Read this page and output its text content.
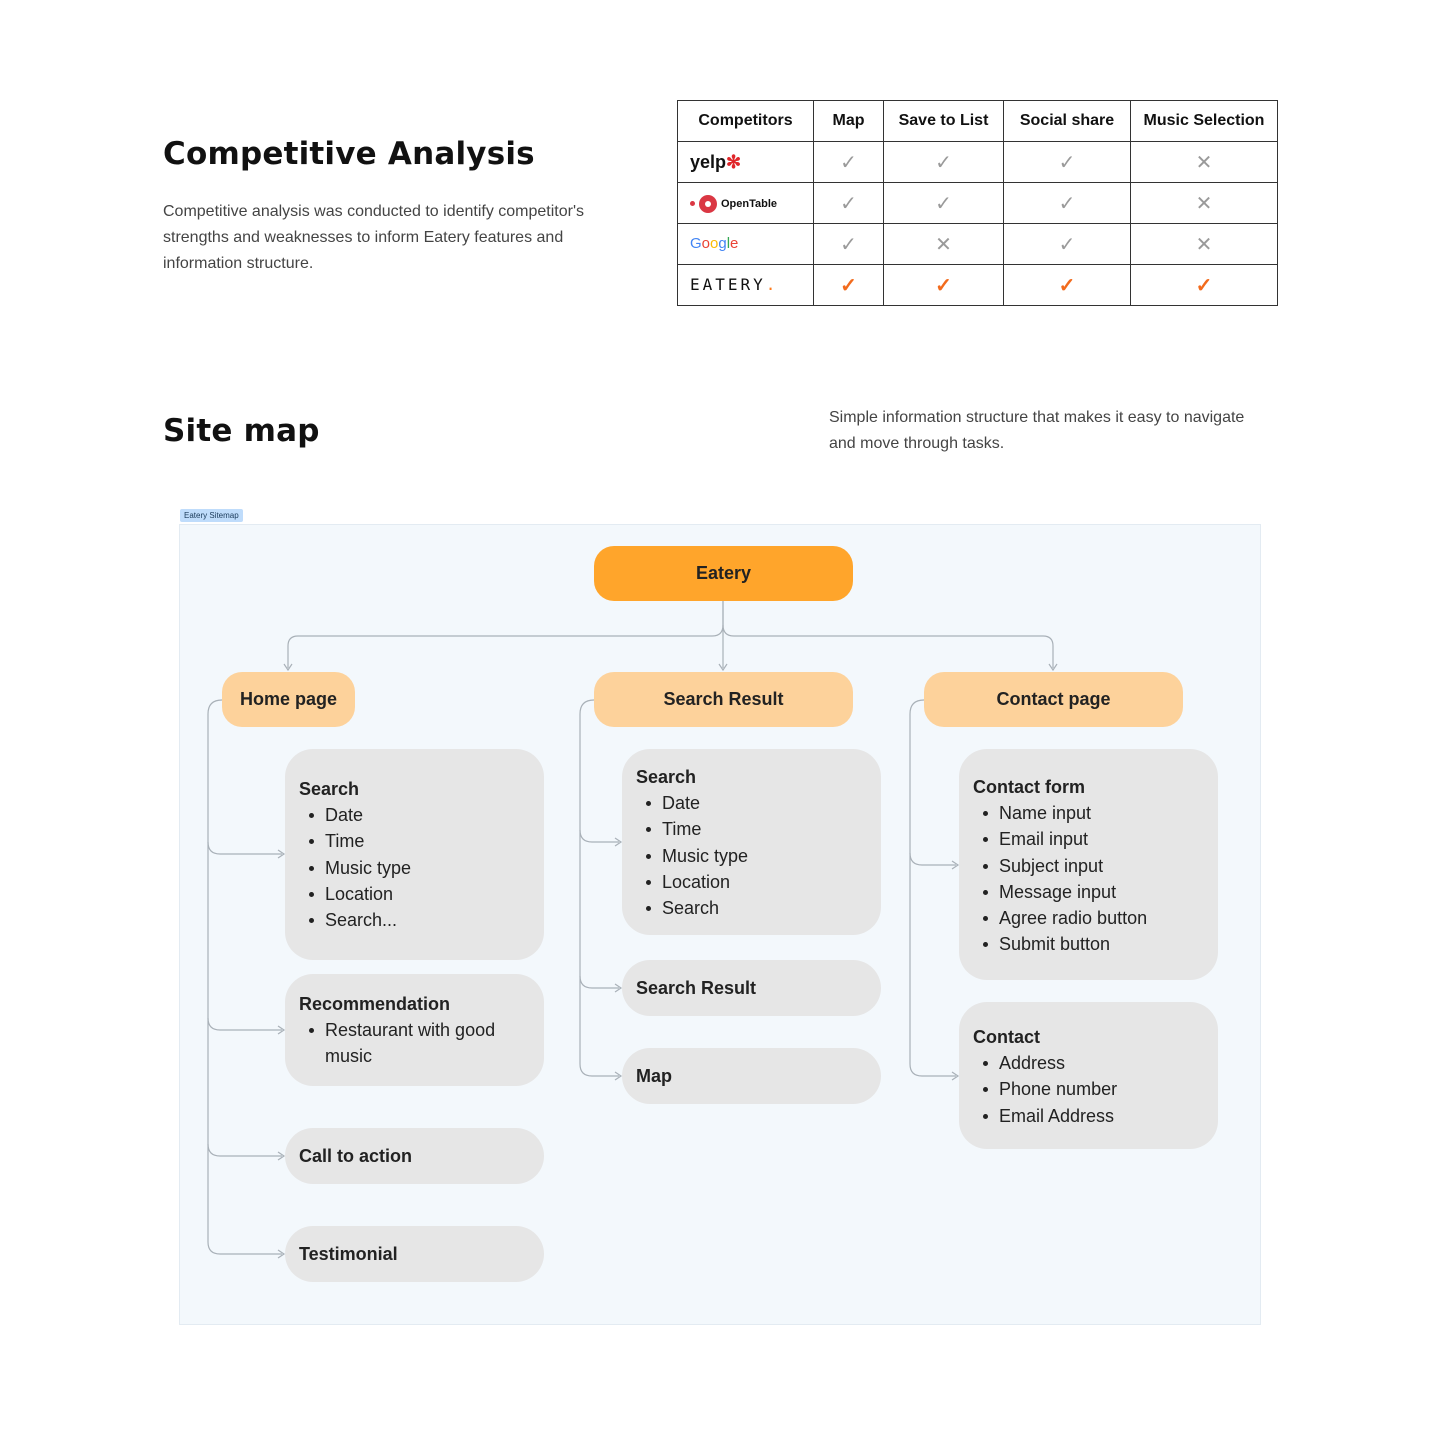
Competitive Analysis
Competitive analysis was conducted to identify competitor's strengths and weaknesses to inform Eatery features and information structure.
Competitors	Map	Save to List	Social share	Music Selection
yelp✻	✓	✓	✓	✕

OpenTable	✓	✓	✓	✕
Google	✓	✕	✓	✕
EATERY.	✓	✓	✓	✓
Site map	Simple information structure that makes it easy to navigate and move through tasks.
Eatery Sitemap
Eatery
Home page	Search Result	Contact page
Search
Date
Time
Music type
Location
Search...
Recommendation
Restaurant with good music
Call to action
Testimonial
Search
Date
Time
Music type
Location
Search
Search Result
Map
Contact form
Name input
Email input
Subject input
Message input
Agree radio button
Submit button
Contact
Address
Phone number
Email Address
